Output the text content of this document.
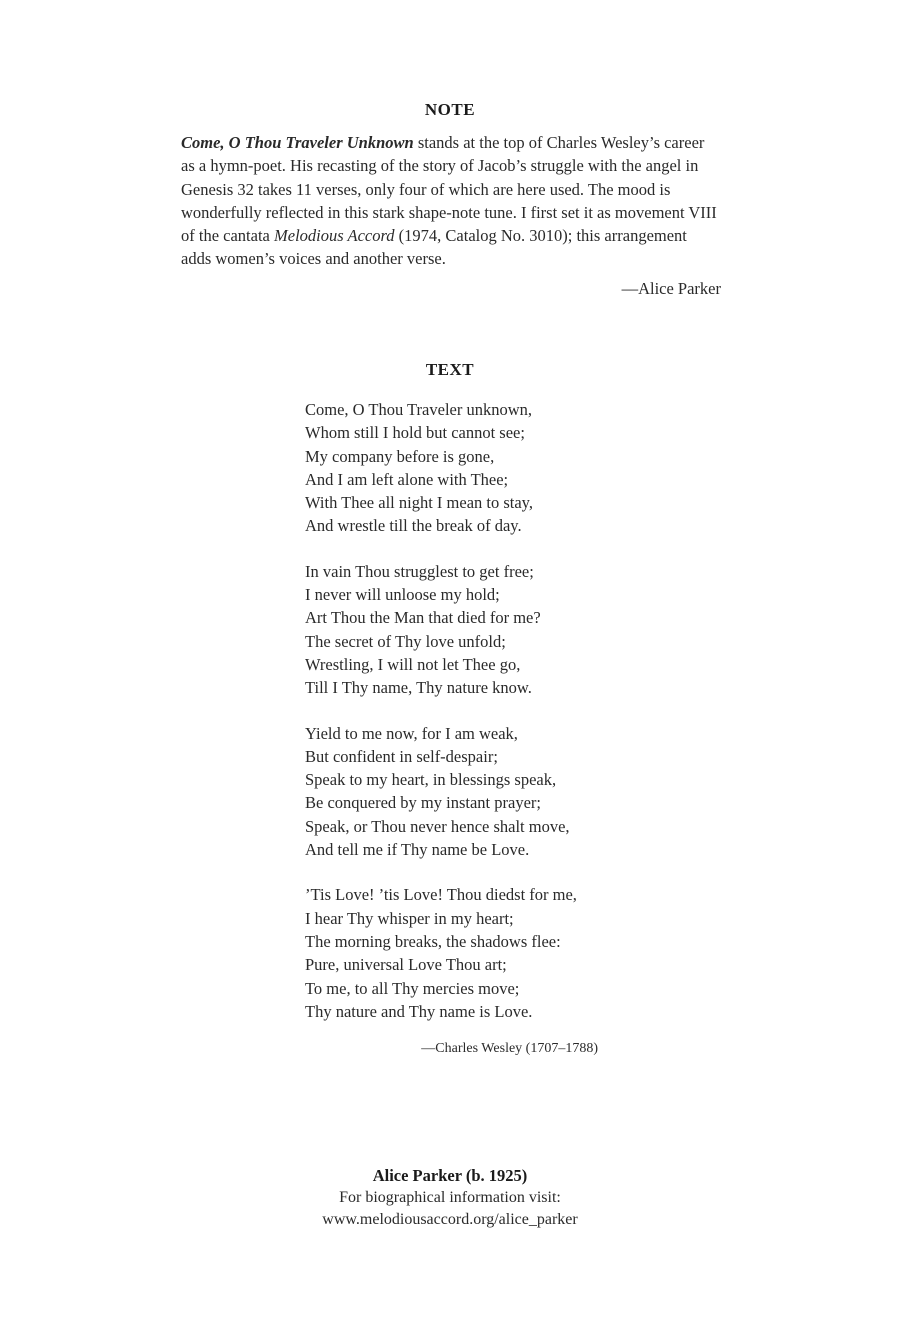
NOTE

Come, O Thou Traveler Unknown stands at the top of Charles Wesley’s career as a hymn-poet. His recasting of the story of Jacob’s struggle with the angel in Genesis 32 takes 11 verses, only four of which are here used. The mood is wonderfully reflected in this stark shape-note tune. I first set it as movement VIII of the cantata Melodious Accord (1974, Catalog No. 3010); this arrangement adds women’s voices and another verse.

—Alice Parker
TEXT
Come, O Thou Traveler unknown,
Whom still I hold but cannot see;
My company before is gone,
And I am left alone with Thee;
With Thee all night I mean to stay,
And wrestle till the break of day.
In vain Thou strugglest to get free;
I never will unloose my hold;
Art Thou the Man that died for me?
The secret of Thy love unfold;
Wrestling, I will not let Thee go,
Till I Thy name, Thy nature know.
Yield to me now, for I am weak,
But confident in self-despair;
Speak to my heart, in blessings speak,
Be conquered by my instant prayer;
Speak, or Thou never hence shalt move,
And tell me if Thy name be Love.
’Tis Love! ’tis Love! Thou diedst for me,
I hear Thy whisper in my heart;
The morning breaks, the shadows flee:
Pure, universal Love Thou art;
To me, to all Thy mercies move;
Thy nature and Thy name is Love.
—Charles Wesley (1707–1788)
Alice Parker (b. 1925)
For biographical information visit:
www.melodiousaccord.org/alice_parker
